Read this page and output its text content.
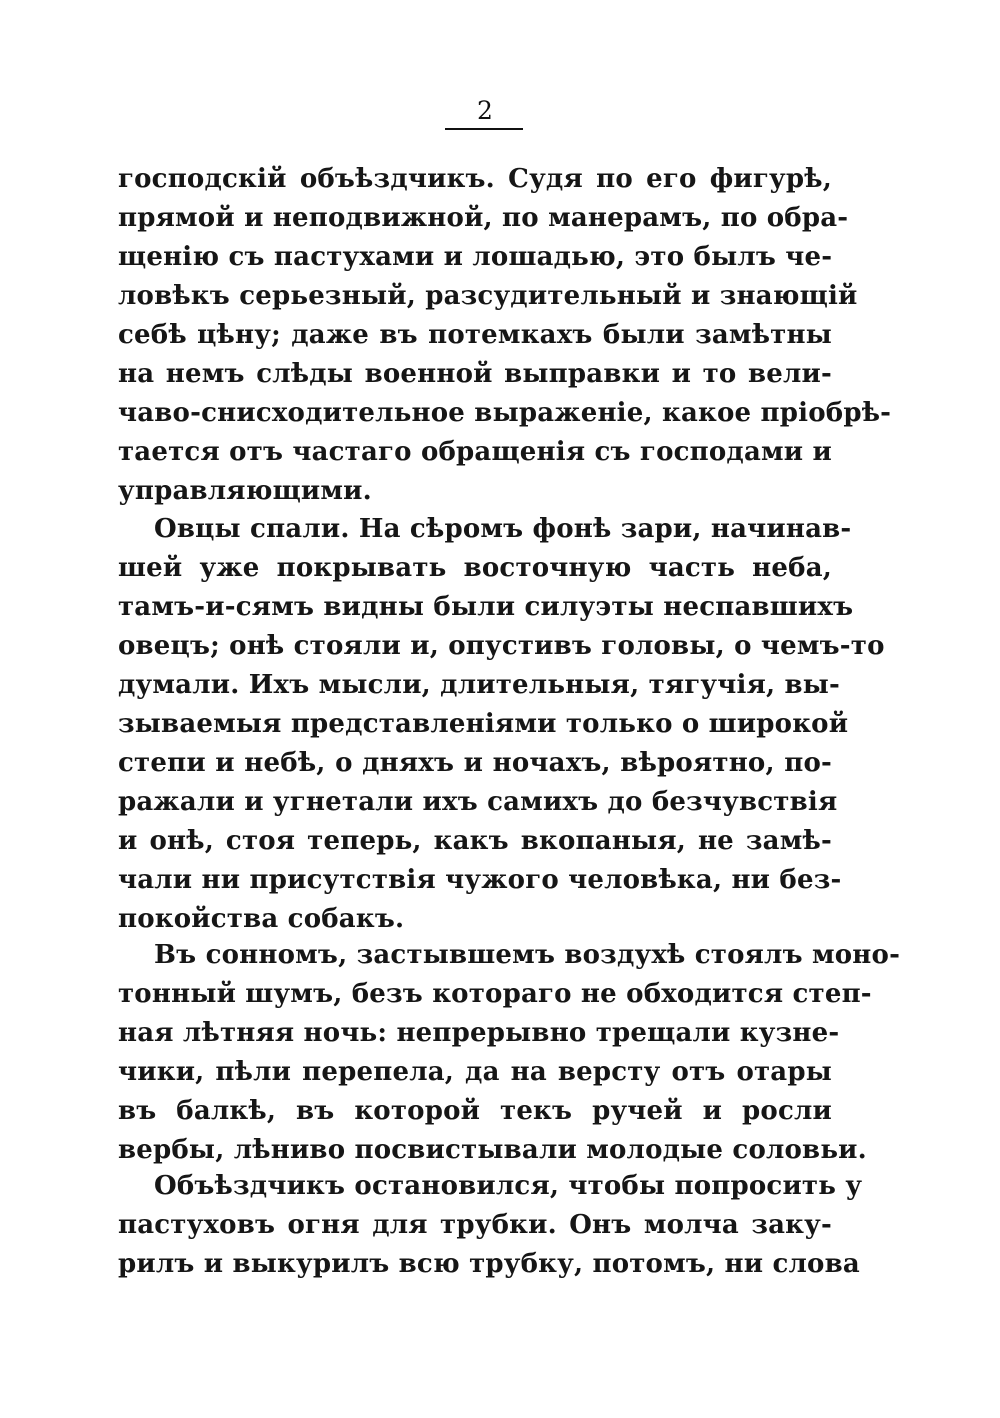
2
господскій объѣздчикъ. Судя по его фигурѣ,
прямой и неподвижной, по манерамъ, по обра-
щенію съ пастухами и лошадью, это былъ че-
ловѣкъ серьезный, разсудительный и знающій
себѣ цѣну; даже въ потемкахъ были замѣтны
на немъ слѣды военной выправки и то вели-
чаво-снисходительное выраженіе, какое пріобрѣ-
тается отъ частаго обращенія съ господами и
управляющими.
Овцы спали. На сѣромъ фонѣ зари, начинав-
шей уже покрывать восточную часть неба,
тамъ-и-сямъ видны были силуэты неспавшихъ
овецъ; онѣ стояли и, опустивъ головы, о чемъ-то
думали. Ихъ мысли, длительныя, тягучія, вы-
зываемыя представленіями только о широкой
степи и небѣ, о дняхъ и ночахъ, вѣроятно, по-
ражали и угнетали ихъ самихъ до безчувствія
и онѣ, стоя теперь, какъ вкопаныя, не замѣ-
чали ни присутствія чужого человѣка, ни без-
покойства собакъ.
Въ сонномъ, застывшемъ воздухѣ стоялъ моно-
тонный шумъ, безъ котораго не обходится степ-
ная лѣтняя ночь: непрерывно трещали кузне-
чики, пѣли перепела, да на версту отъ отары
въ балкѣ, въ которой текъ ручей и росли
вербы, лѣниво посвистывали молодые соловьи.
Объѣздчикъ остановился, чтобы попросить у
пастуховъ огня для трубки. Онъ молча заку-
рилъ и выкурилъ всю трубку, потомъ, ни слова
